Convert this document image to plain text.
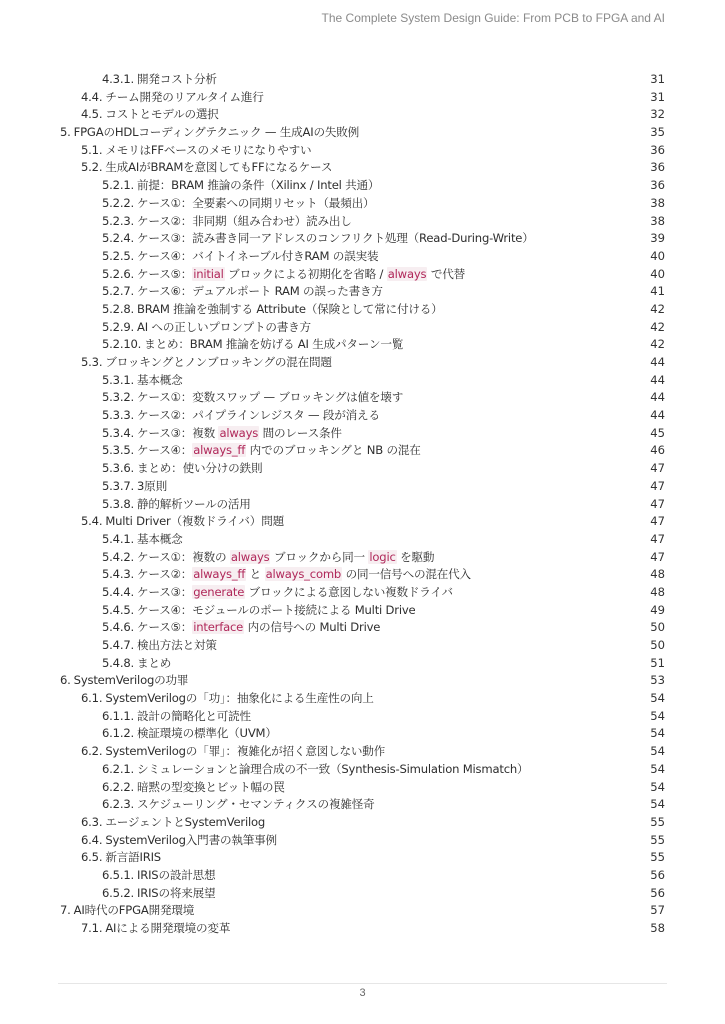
The Complete System Design Guide: From PCB to FPGA and AI
4.3.1. 開発コスト分析	31
4.4. チーム開発のリアルタイム進行	31
4.5. コストとモデルの選択	32
5. FPGAのHDLコーディングテクニック — 生成AIの失敗例	35
5.1. メモリはFFベースのメモリになりやすい	36
5.2. 生成AIがBRAMを意図してもFFになるケース	36
5.2.1. 前提：BRAM 推論の条件（Xilinx / Intel 共通）	36
5.2.2. ケース①：全要素への同期リセット（最頻出）	38
5.2.3. ケース②：非同期（組み合わせ）読み出し	38
5.2.4. ケース③：読み書き同一アドレスのコンフリクト処理（Read-During-Write）	39
5.2.5. ケース④：バイトイネーブル付きRAM の誤実装	40
5.2.6. ケース⑤：initial ブロックによる初期化を省略 / always で代替	40
5.2.7. ケース⑥：デュアルポート RAM の誤った書き方	41
5.2.8. BRAM 推論を強制する Attribute（保険として常に付ける）	42
5.2.9. AI への正しいプロンプトの書き方	42
5.2.10. まとめ：BRAM 推論を妨げる AI 生成パターン一覧	42
5.3. ブロッキングとノンブロッキングの混在問題	44
5.3.1. 基本概念	44
5.3.2. ケース①：変数スワップ — ブロッキングは値を壊す	44
5.3.3. ケース②：パイプラインレジスタ — 段が消える	44
5.3.4. ケース③：複数 always 間のレース条件	45
5.3.5. ケース④：always_ff 内でのブロッキングと NB の混在	46
5.3.6. まとめ：使い分けの鉄則	47
5.3.7. 3原則	47
5.3.8. 静的解析ツールの活用	47
5.4. Multi Driver（複数ドライバ）問題	47
5.4.1. 基本概念	47
5.4.2. ケース①：複数の always ブロックから同一 logic を駆動	47
5.4.3. ケース②：always_ff と always_comb の同一信号への混在代入	48
5.4.4. ケース③：generate ブロックによる意図しない複数ドライバ	48
5.4.5. ケース④：モジュールのポート接続による Multi Drive	49
5.4.6. ケース⑤：interface 内の信号への Multi Drive	50
5.4.7. 検出方法と対策	50
5.4.8. まとめ	51
6. SystemVerilogの功罪	53
6.1. SystemVerilogの「功」：抽象化による生産性の向上	54
6.1.1. 設計の簡略化と可読性	54
6.1.2. 検証環境の標準化（UVM）	54
6.2. SystemVerilogの「罪」：複雑化が招く意図しない動作	54
6.2.1. シミュレーションと論理合成の不一致（Synthesis-Simulation Mismatch）	54
6.2.2. 暗黙の型変換とビット幅の罠	54
6.2.3. スケジューリング・セマンティクスの複雑怪奇	54
6.3. エージェントとSystemVerilog	55
6.4. SystemVerilog入門書の執筆事例	55
6.5. 新言語IRIS	55
6.5.1. IRISの設計思想	56
6.5.2. IRISの将来展望	56
7. AI時代のFPGA開発環境	57
7.1. AIによる開発環境の変革	58
3
